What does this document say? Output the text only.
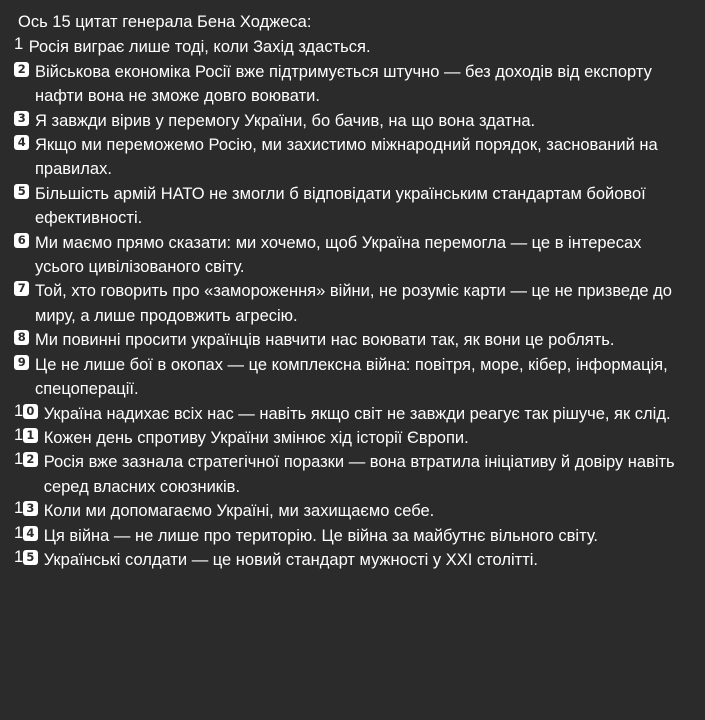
Ось 15 цитат генерала Бена Ходжеса:

1 Росія виграє лише тоді, коли Захід здасться.
2 Військова економіка Росії вже підтримується штучно — без доходів від експорту нафти вона не зможе довго воювати.
3 Я завжди вірив у перемогу України, бо бачив, на що вона здатна.
4 Якщо ми переможемо Росію, ми захистимо міжнародний порядок, заснований на правилах.
5 Більшість армій НАТО не змогли б відповідати українським стандартам бойової ефективності.
6 Ми маємо прямо сказати: ми хочемо, щоб Україна перемогла — це в інтересах усього цивілізованого світу.
7 Той, хто говорить про «замороження» війни, не розуміє карти — це не призведе до миру, а лише продовжить агресію.
8 Ми повинні просити українців навчити нас воювати так, як вони це роблять.
9 Це не лише бої в окопах — це комплексна війна: повітря, море, кібер, інформація, спецоперації.
1 0 Україна надихає всіх нас — навіть якщо світ не завжди реагує так рішуче, як слід.
1 1 Кожен день спротиву України змінює хід історії Європи.
1 2 Росія вже зазнала стратегічної поразки — вона втратила ініціативу й довіру навіть серед власних союзників.
1 3 Коли ми допомагаємо Україні, ми захищаємо себе.
1 4 Ця війна — не лише про територію. Це війна за майбутнє вільного світу.
1 5 Українські солдати — це новий стандарт мужності у XXI столітті.
